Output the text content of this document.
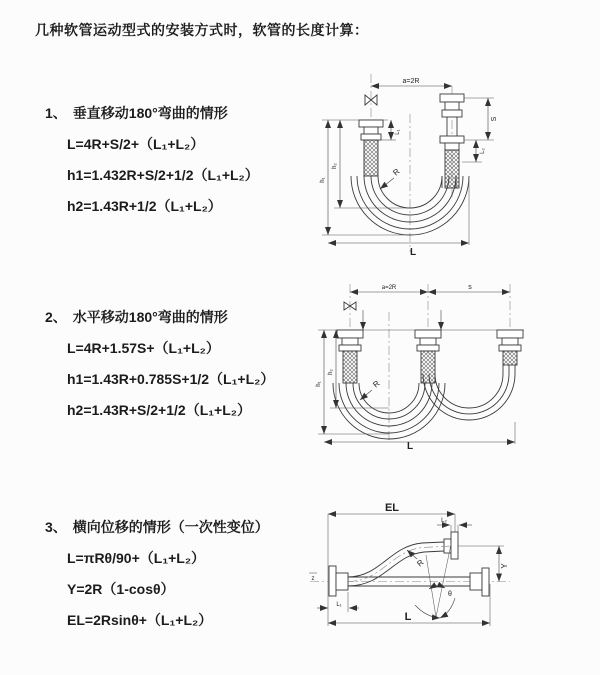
几种软管运动型式的安装方式时，软管的长度计算：
1、 垂直移动180°弯曲的情形
L=4R+S/2+（L₁+L₂）
h1=1.432R+S/2+1/2（L₁+L₂）
h2=1.43R+1/2（L₁+L₂）
a=2R
L₁
S
L₂
R
h₁
h₂
L
2、 水平移动180°弯曲的情形
L=4R+1.57S+（L₁+L₂）
h1=1.43R+0.785S+1/2（L₁+L₂）
h2=1.43R+S/2+1/2（L₁+L₂）
a=2R	s
R
h₁
h₂
L
3、 横向位移的情形（一次性变位）
L=πRθ/90+（L₁+L₂）
Y=2R（1-cosθ）
EL=2Rsinθ+（L₁+L₂）
EL
L₂
z
R
θ
Y
L₁
L
